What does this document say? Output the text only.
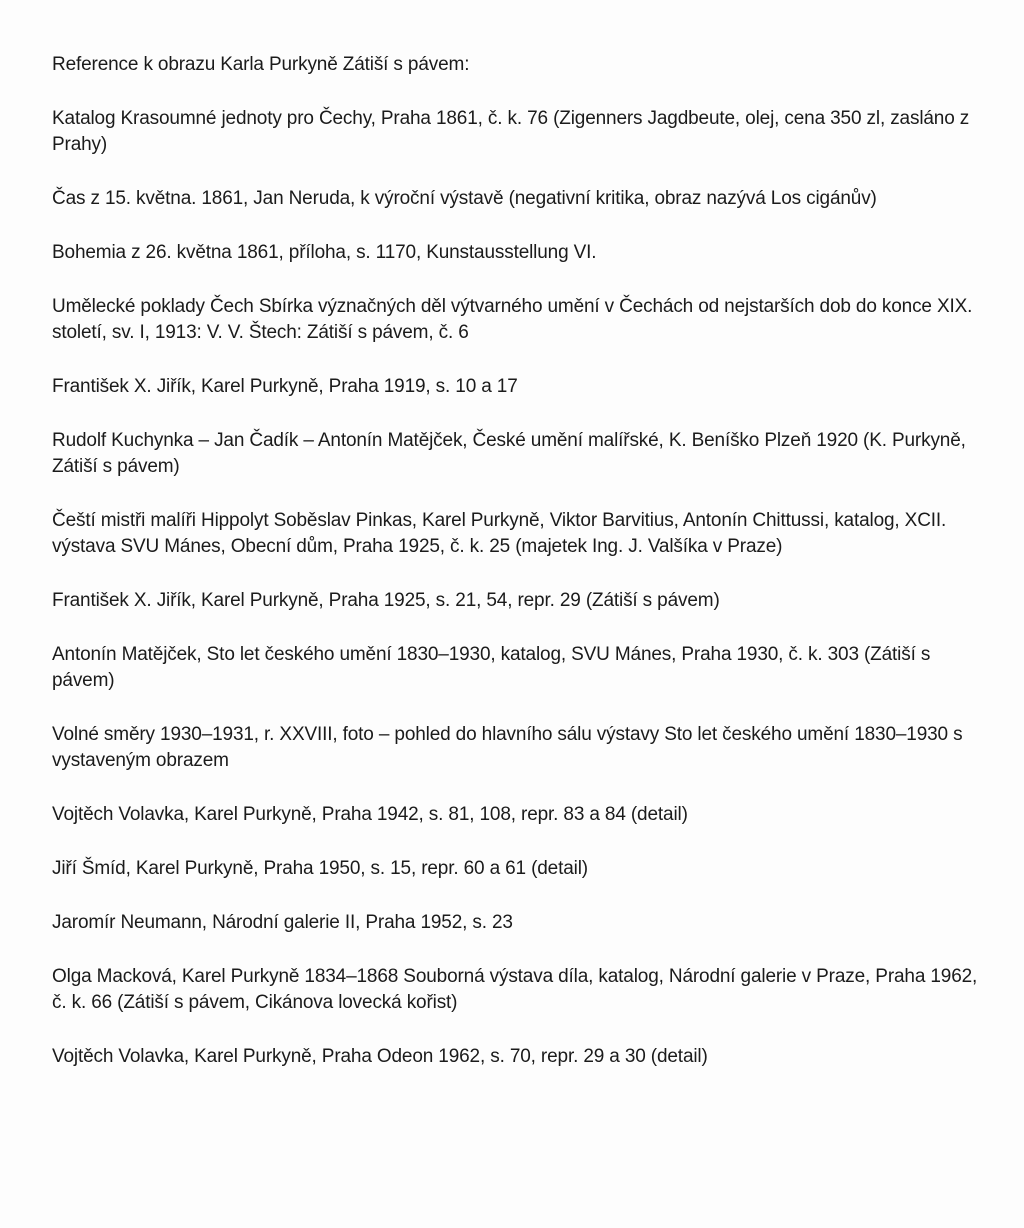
Reference k obrazu Karla Purkyně Zátiší s pávem:

Katalog Krasoumné jednoty pro Čechy, Praha 1861, č. k. 76 (Zigenners Jagdbeute, olej, cena 350 zl, zasláno z Prahy)
Čas z 15. května. 1861, Jan Neruda, k výroční výstavě (negativní kritika, obraz nazývá Los cigánův)
Bohemia z 26. května 1861, příloha, s. 1170, Kunstausstellung VI.
Umělecké poklady Čech Sbírka význačných děl výtvarného umění v Čechách od nejstarších dob do konce XIX. století, sv. I, 1913: V. V. Štech: Zátiší s pávem, č. 6
František X. Jiřík, Karel Purkyně, Praha 1919, s. 10 a 17
Rudolf Kuchynka – Jan Čadík – Antonín Matějček, České umění malířské, K. Beníško Plzeň 1920 (K. Purkyně, Zátiší s pávem)
Čeští mistři malíři Hippolyt Soběslav Pinkas, Karel Purkyně, Viktor Barvitius, Antonín Chittussi, katalog, XCII. výstava SVU Mánes, Obecní dům, Praha 1925, č. k. 25 (majetek Ing. J. Valšíka v Praze)
František X. Jiřík, Karel Purkyně, Praha 1925, s. 21, 54, repr. 29 (Zátiší s pávem)
Antonín Matějček, Sto let českého umění 1830–1930, katalog, SVU Mánes, Praha 1930, č. k. 303 (Zátiší s pávem)
Volné směry 1930–1931, r. XXVIII, foto – pohled do hlavního sálu výstavy Sto let českého umění 1830–1930 s vystaveným obrazem
Vojtěch Volavka, Karel Purkyně, Praha 1942, s. 81, 108, repr. 83 a 84 (detail)
Jiří Šmíd, Karel Purkyně, Praha 1950, s. 15, repr. 60 a 61 (detail)
Jaromír Neumann, Národní galerie II, Praha 1952, s. 23
Olga Macková, Karel Purkyně 1834–1868 Souborná výstava díla, katalog, Národní galerie v Praze, Praha 1962, č. k. 66 (Zátiší s pávem, Cikánova lovecká kořist)
Vojtěch Volavka, Karel Purkyně, Praha Odeon 1962, s. 70, repr. 29 a 30 (detail)
